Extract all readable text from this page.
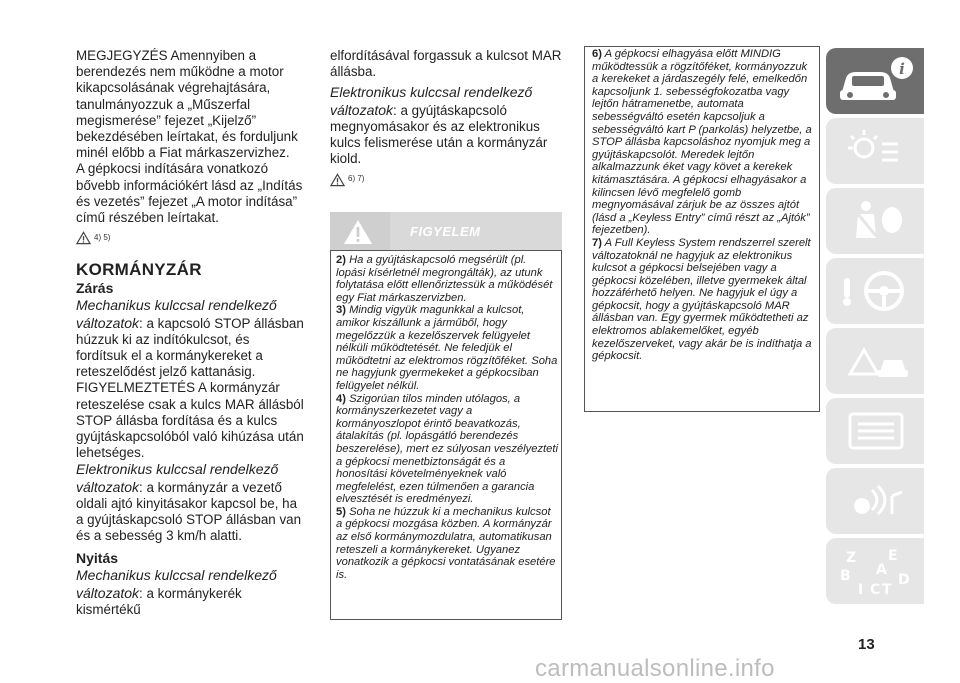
MEGJEGYZÉS Amennyiben a berendezés nem működne a motor kikapcsolásának végrehajtására, tanulmányozzuk a „Műszerfal megismerése” fejezet „Kijelző” bekezdésében leírtakat, és forduljunk minél előbb a Fiat márkaszervizhez.

A gépkocsi indítására vonatkozó bővebb információkért lásd az „Indítás és vezetés” fejezet „A motor indítása” című részében leírtakat.

4) 5)
KORMÁNYZÁR
Zárás

Mechanikus kulccsal rendelkező változatok: a kapcsoló STOP állásban húzzuk ki az indítókulcsot, és fordítsuk el a kormánykereket a reteszelődést jelző kattanásig.

FIGYELMEZTETÉS A kormányzár reteszelése csak a kulcs MAR állásból STOP állásba fordítása és a kulcs gyújtáskapcsolóból való kihúzása után lehetséges.

Elektronikus kulccsal rendelkező változatok: a kormányzár a vezető oldali ajtó kinyitásakor kapcsol be, ha a gyújtáskapcsoló STOP állásban van és a sebesség 3 km/h alatti.

Nyitás

Mechanikus kulccsal rendelkező változatok: a kormánykerék kismértékű

elfordításával forgassuk a kulcsot MAR állásba.

Elektronikus kulccsal rendelkező változatok: a gyújtáskapcsoló megnyomásakor és az elektronikus kulcs felismerése után a kormányzár kiold.

6) 7)
FIGYELEM

2) Ha a gyújtáskapcsoló megsérült (pl. lopási kísérletnél megrongálták), az utunk folytatása előtt ellenőriztessük a működését egy Fiat márkaszervizben.

3) Mindig vigyük magunkkal a kulcsot, amikor kiszállunk a járműből, hogy megelőzzük a kezelőszervek felügyelet nélküli működtetését. Ne feledjük el működtetni az elektromos rögzítőféket. Soha ne hagyjunk gyermekeket a gépkocsiban felügyelet nélkül.

4) Szigorúan tilos minden utólagos, a kormányszerkezetet vagy a kormányoszlopot érintő beavatkozás, átalakítás (pl. lopásgátló berendezés beszerelése), mert ez súlyosan veszélyezteti a gépkocsi menetbiztonságát és a honosítási követelményeknek való megfelelést, ezen túlmenően a garancia elvesztését is eredményezi.

5) Soha ne húzzuk ki a mechanikus kulcsot a gépkocsi mozgása közben. A kormányzár az első kormánymozdulatra, automatikusan reteszeli a kormánykereket. Ugyanez vonatkozik a gépkocsi vontatásának esetére is.

6) A gépkocsi elhagyása előtt MINDIG működtessük a rögzítőféket, kormányozzuk a kerekeket a járdaszegély felé, emelkedőn kapcsoljunk 1. sebességfokozatba vagy lejtőn hátramenetbe, automata sebességváltó esetén kapcsoljuk a sebességváltó kart P (parkolás) helyzetbe, a STOP állásba kapcsoláshoz nyomjuk meg a gyújtáskapcsolót. Meredek lejtőn alkalmazzunk éket vagy követ a kerekek kitámasztására. A gépkocsi elhagyásakor a kilincsen lévő megfelelő gomb megnyomásával zárjuk be az összes ajtót (lásd a „Keyless Entry” című részt az „Ajtók” fejezetben).

7) A Full Keyless System rendszerrel szerelt változatoknál ne hagyjuk az elektronikus kulcsot a gépkocsi belsejében vagy a gépkocsi közelében, illetve gyermekek által hozzáférhető helyen. Ne hagyjuk el úgy a gépkocsit, hogy a gyújtáskapcsoló MAR állásban van. Egy gyermek működtetheti az elektromos ablakemelőket, egyéb kezelőszerveket, vagy akár be is indíthatja a gépkocsit.

i
Z E
A
B
C T
D
I
13
carmanualsonline.info
